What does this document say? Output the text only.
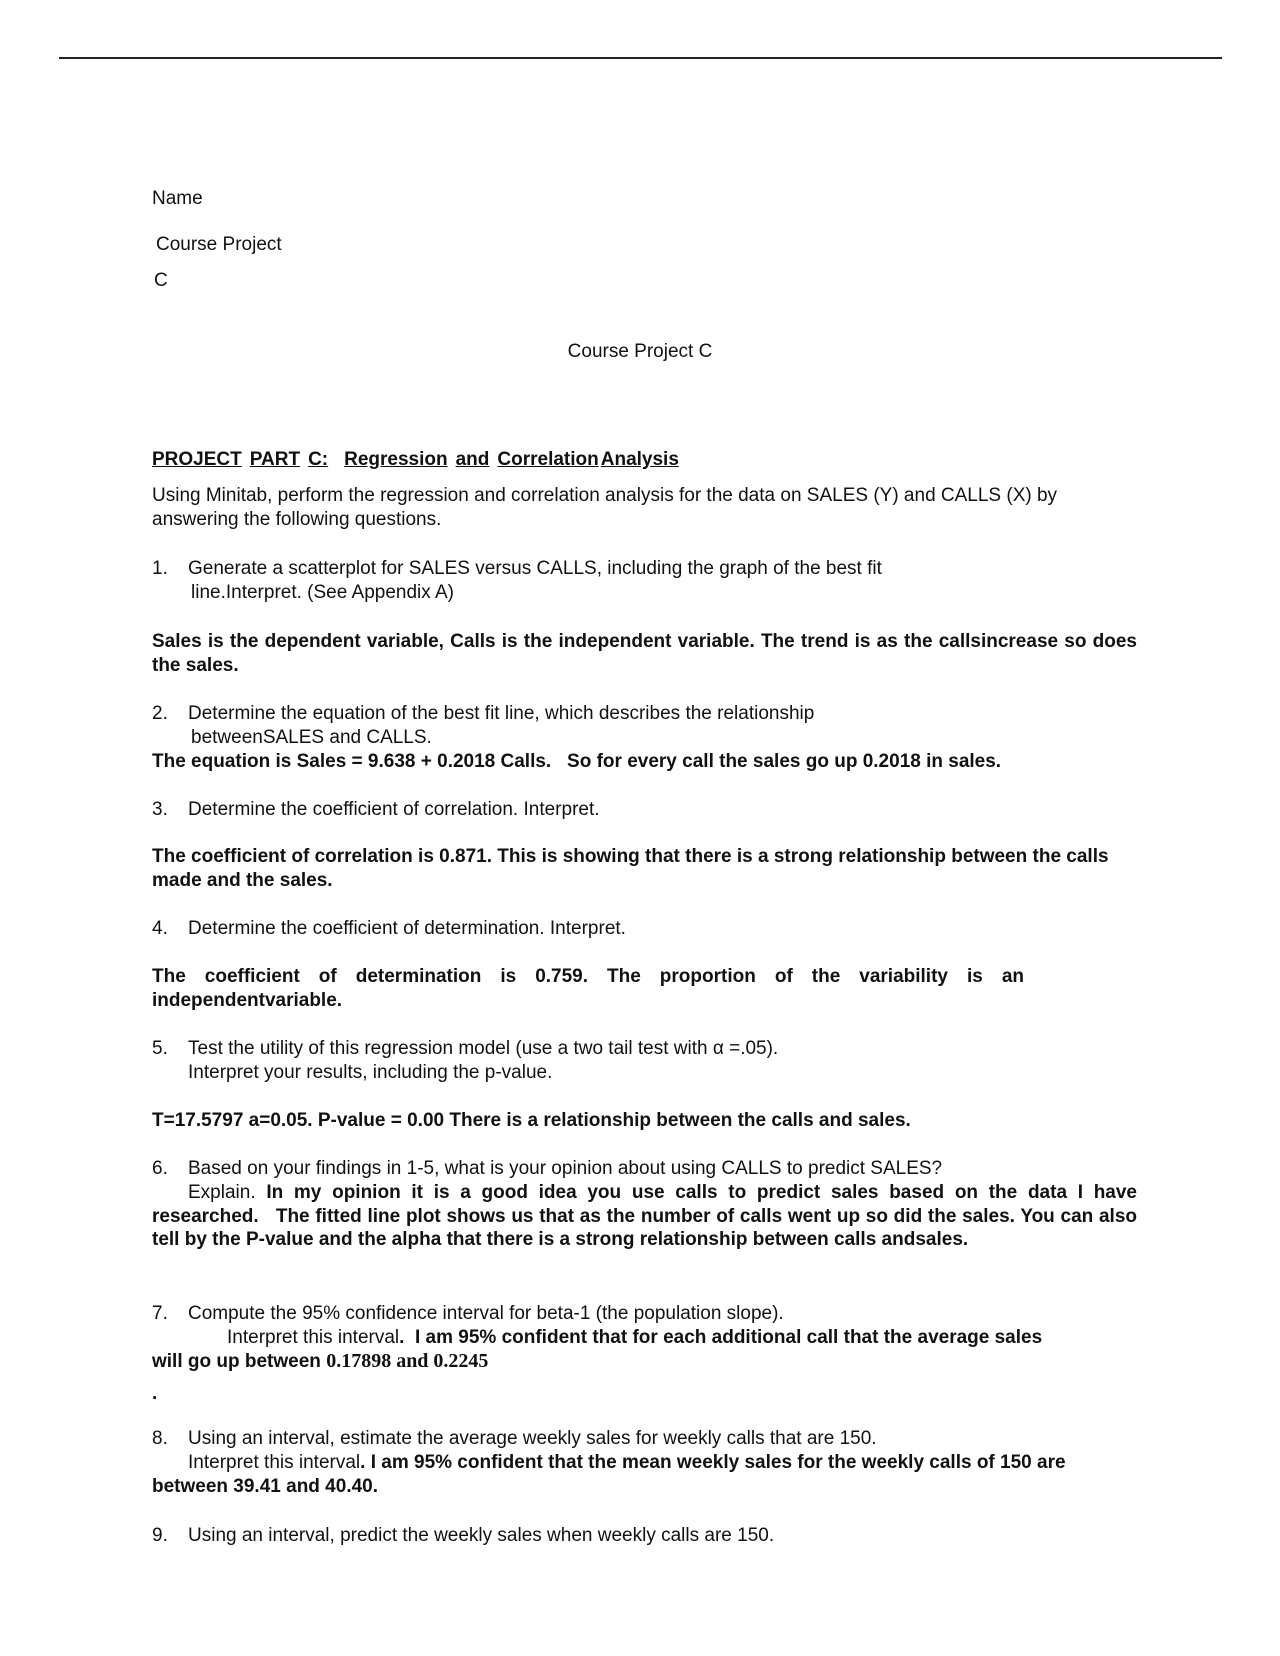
Name
Course Project
C
Course Project C
PROJECT PART C: Regression and Correlation Analysis
Using Minitab, perform the regression and correlation analysis for the data on SALES (Y) and CALLS (X) by answering the following questions.
1. Generate a scatterplot for SALES versus CALLS, including the graph of the best fit
line.Interpret. (See Appendix A)
Sales is the dependent variable, Calls is the independent variable. The trend is as the callsincrease so does the sales.
2. Determine the equation of the best fit line, which describes the relationship
betweenSALES and CALLS.
The equation is Sales = 9.638 + 0.2018 Calls.   So for every call the sales go up 0.2018 in sales.
3. Determine the coefficient of correlation. Interpret.
The coefficient of correlation is 0.871. This is showing that there is a strong relationship between the calls made and the sales.
4. Determine the coefficient of determination. Interpret.
The coefficient of determination is 0.759. The proportion of the variability is an independentvariable.
5. Test the utility of this regression model (use a two tail test with α =.05).
Interpret your results, including the p-value.
T=17.5797 a=0.05. P-value = 0.00 There is a relationship between the calls and sales.
6. Based on your findings in 1-5, what is your opinion about using CALLS to predict SALES?
Explain. In my opinion it is a good idea you use calls to predict sales based on the data I have researched.   The fitted line plot shows us that as the number of calls went up so did the sales. You can also tell by the P-value and the alpha that there is a strong relationship between calls andsales.
7. Compute the 95% confidence interval for beta-1 (the population slope).
Interpret this interval.  I am 95% confident that for each additional call that the average sales
will go up between 0.17898 and 0.2245
.
8. Using an interval, estimate the average weekly sales for weekly calls that are 150.
Interpret this interval. I am 95% confident that the mean weekly sales for the weekly calls of 150 are between 39.41 and 40.40.
9. Using an interval, predict the weekly sales when weekly calls are 150.
